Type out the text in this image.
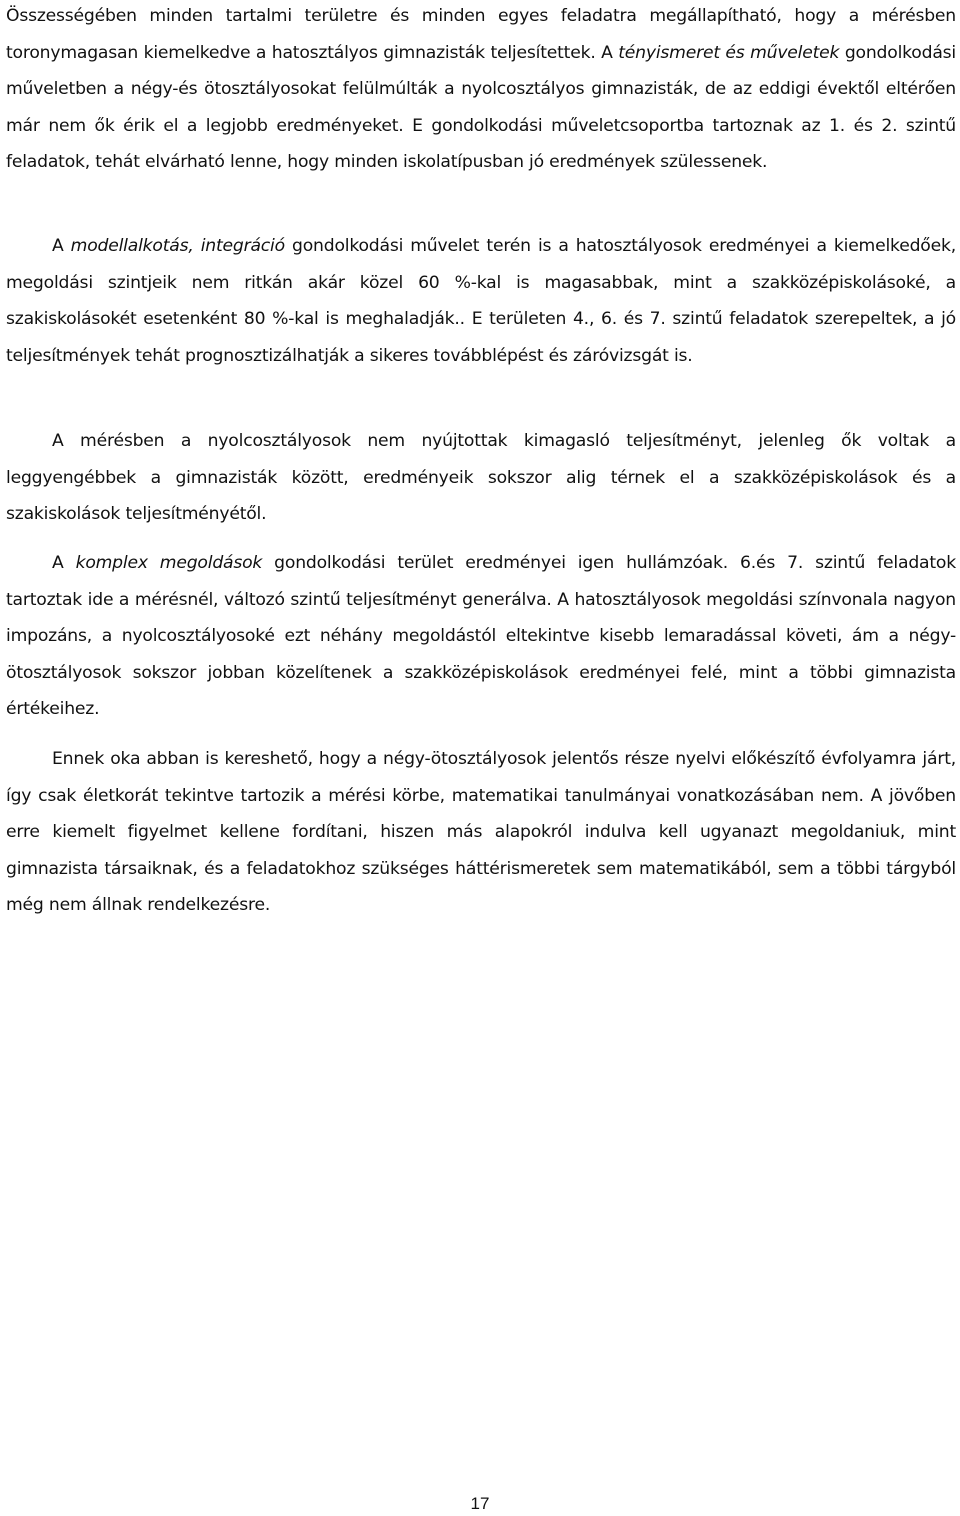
Összességében minden tartalmi területre és minden egyes feladatra megállapítható, hogy a mérésben toronymagasan kiemelkedve a hatosztályos gimnazisták teljesítettek. A tényismeret és műveletek gondolkodási műveletben a négy-és ötosztályosokat felülmúlták a nyolcosztályos gimnazisták, de az eddigi évektől eltérően már nem ők érik el a legjobb eredményeket. E gondolkodási műveletcsoportba tartoznak az 1. és 2. szintű feladatok, tehát elvárható lenne, hogy minden iskolatípusban jó eredmények szülessenek.

A modellalkotás, integráció gondolkodási művelet terén is a hatosztályosok eredményei a kiemelkedőek, megoldási szintjeik nem ritkán akár közel 60 %-kal is magasabbak, mint a szakközépiskolásoké, a szakiskolásokét esetenként 80 %-kal is meghaladják.. E területen 4., 6. és 7. szintű feladatok szerepeltek, a jó teljesítmények tehát prognosztizálhatják a sikeres továbblépést és záróvizsgát is.

A mérésben a nyolcosztályosok nem nyújtottak kimagasló teljesítményt, jelenleg ők voltak a leggyengébbek a gimnazisták között, eredményeik sokszor alig térnek el a szakközépiskolások és a szakiskolások teljesítményétől.

A komplex megoldások gondolkodási terület eredményei igen hullámzóak. 6.és 7. szintű feladatok tartoztak ide a mérésnél, változó szintű teljesítményt generálva. A hatosztályosok megoldási színvonala nagyon impozáns, a nyolcosztályosoké ezt néhány megoldástól eltekintve kisebb lemaradással követi, ám a négy-ötosztályosok sokszor jobban közelítenek a szakközépiskolások eredményei felé, mint a többi gimnazista értékeihez.

Ennek oka abban is kereshető, hogy a négy-ötosztályosok jelentős része nyelvi előkészítő évfolyamra járt, így csak életkorát tekintve tartozik a mérési körbe, matematikai tanulmányai vonatkozásában nem. A jövőben erre kiemelt figyelmet kellene fordítani, hiszen más alapokról indulva kell ugyanazt megoldaniuk, mint gimnazista társaiknak, és a feladatokhoz szükséges háttérismeretek sem matematikából, sem a többi tárgyból még nem állnak rendelkezésre.

17
